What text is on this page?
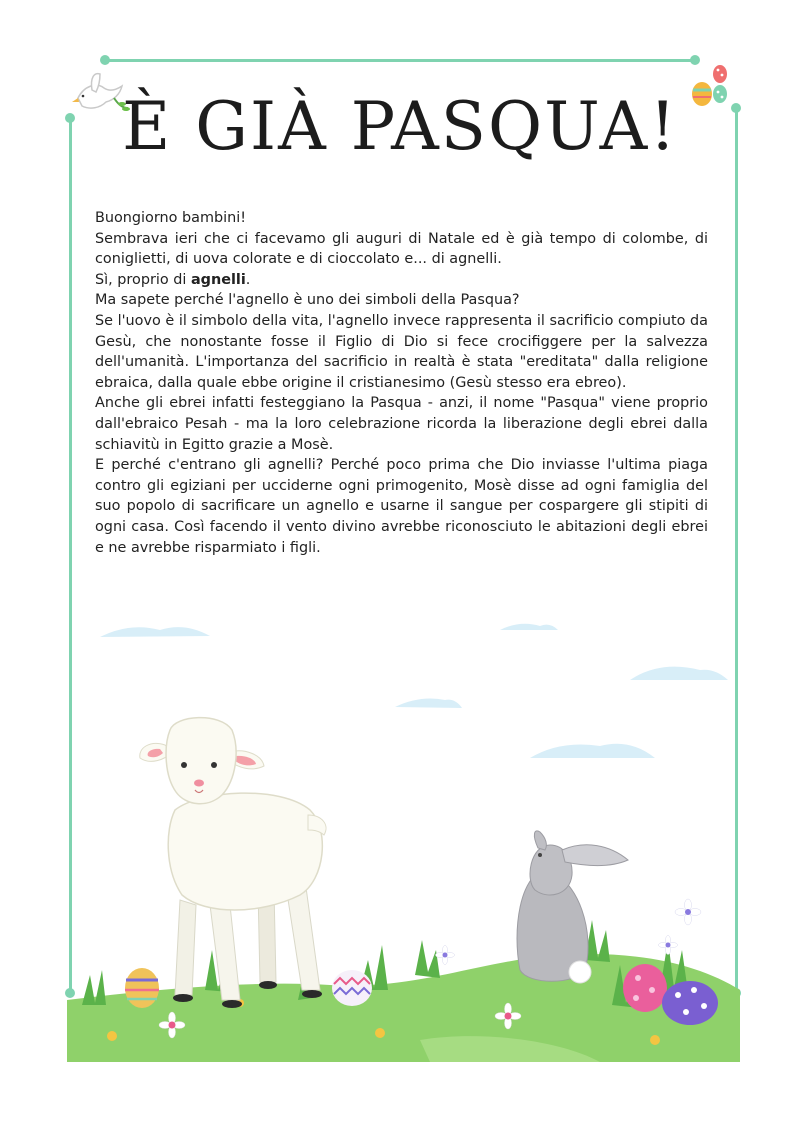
È GIÀ PASQUA!

Buongiorno bambini!

Sembrava ieri che ci facevamo gli auguri di Natale ed è già tempo di colombe, di coniglietti, di uova colorate e di cioccolato e... di agnelli.

Sì, proprio di agnelli.

Ma sapete perché l'agnello è uno dei simboli della Pasqua?

Se l'uovo è il simbolo della vita, l'agnello invece rappresenta il sacrificio compiuto da Gesù, che nonostante fosse il Figlio di Dio si fece crocifiggere per la salvezza dell'umanità. L'importanza del sacrificio in realtà è stata "ereditata" dalla religione ebraica, dalla quale ebbe origine il cristianesimo (Gesù stesso era ebreo).

Anche gli ebrei infatti festeggiano la Pasqua - anzi, il nome "Pasqua" viene proprio dall'ebraico Pesah - ma la loro celebrazione ricorda la liberazione degli ebrei dalla schiavitù in Egitto grazie a Mosè.

E perché c'entrano gli agnelli? Perché poco prima che Dio inviasse l'ultima piaga contro gli egiziani per ucciderne ogni primogenito, Mosè disse ad ogni famiglia del suo popolo di sacrificare un agnello e usarne il sangue per cospargere gli stipiti di ogni casa. Così facendo il vento divino avrebbe riconosciuto le abitazioni degli ebrei e ne avrebbe risparmiato i figli.
